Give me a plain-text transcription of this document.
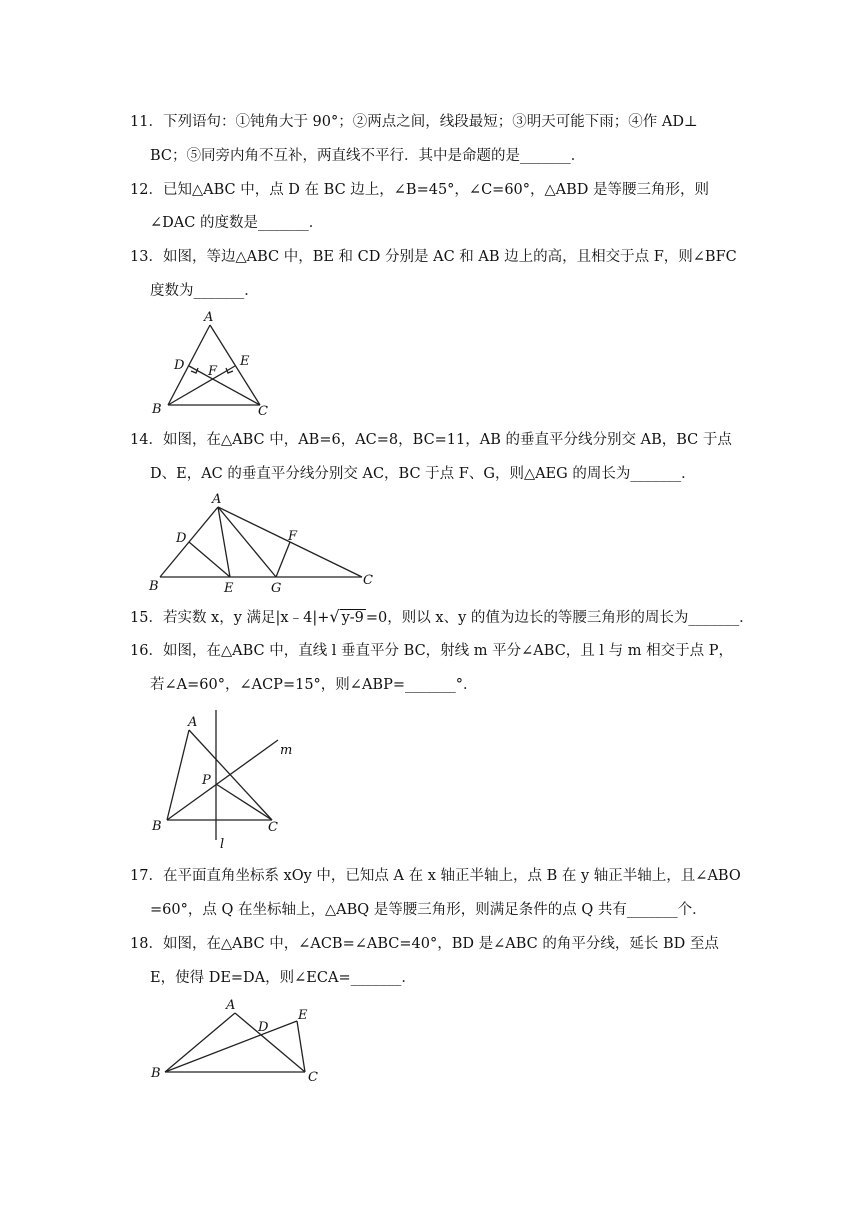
11．下列语句：①钝角大于 90°；②两点之间，线段最短；③明天可能下雨；④作 AD⊥
BC；⑤同旁内角不互补，两直线不平行．其中是命题的是_______．
12．已知△ABC 中，点 D 在 BC 边上，∠B=45°，∠C=60°，△ABD 是等腰三角形，则
∠DAC 的度数是_______．
13．如图，等边△ABC 中，BE 和 CD 分别是 AC 和 AB 边上的高，且相交于点 F，则∠BFC
度数为_______．
A
D	E
F
B	C
14．如图，在△ABC 中，AB=6，AC=8，BC=11，AB 的垂直平分线分别交 AB，BC 于点
D、E，AC 的垂直平分线分别交 AC，BC 于点 F、G，则△AEG 的周长为_______．
A
D	F
B	E	G
C
15．若实数 x，y 满足|x﹣4|+√ y-9 =0，则以 x、y 的值为边长的等腰三角形的周长为_______．
16．如图，在△ABC 中，直线 l 垂直平分 BC，射线 m 平分∠ABC，且 l 与 m 相交于点 P，
若∠A=60°，∠ACP=15°，则∠ABP=_______°．
A
m
P
B	C
l
17．在平面直角坐标系 xOy 中，已知点 A 在 x 轴正半轴上，点 B 在 y 轴正半轴上，且∠ABO
=60°，点 Q 在坐标轴上，△ABQ 是等腰三角形，则满足条件的点 Q 共有_______个．
18．如图，在△ABC 中，∠ACB=∠ABC=40°，BD 是∠ABC 的角平分线，延长 BD 至点
E，使得 DE=DA，则∠ECA=_______．
A
D
E
B	C
